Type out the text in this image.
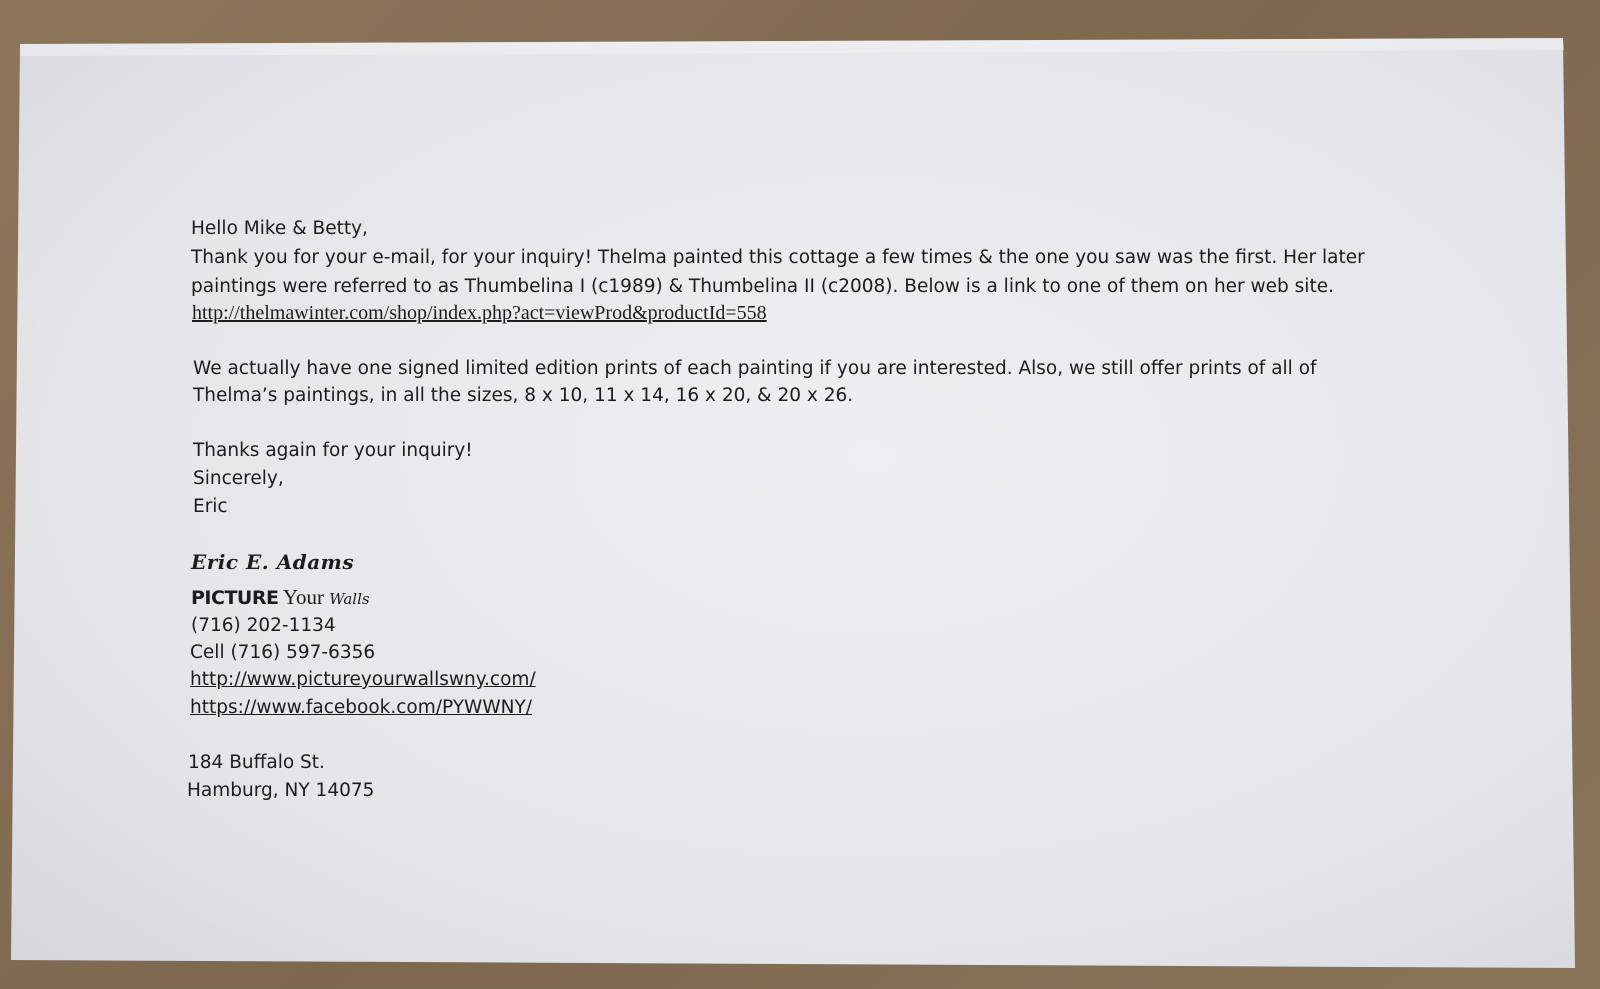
Hello Mike & Betty,
Thank you for your e-mail, for your inquiry! Thelma painted this cottage a few times & the one you saw was the first. Her later
paintings were referred to as Thumbelina I (c1989) & Thumbelina II (c2008). Below is a link to one of them on her web site.
http://thelmawinter.com/shop/index.php?act=viewProd&productId=558
We actually have one signed limited edition prints of each painting if you are interested. Also, we still offer prints of all of
Thelma’s paintings, in all the sizes, 8 x 10, 11 x 14, 16 x 20, & 20 x 26.
Thanks again for your inquiry!
Sincerely,
Eric
Eric E. Adams
PICTURE Your Walls
(716) 202-1134
Cell (716) 597-6356
http://www.pictureyourwallswny.com/
https://www.facebook.com/PYWWNY/
184 Buffalo St.
Hamburg, NY 14075
